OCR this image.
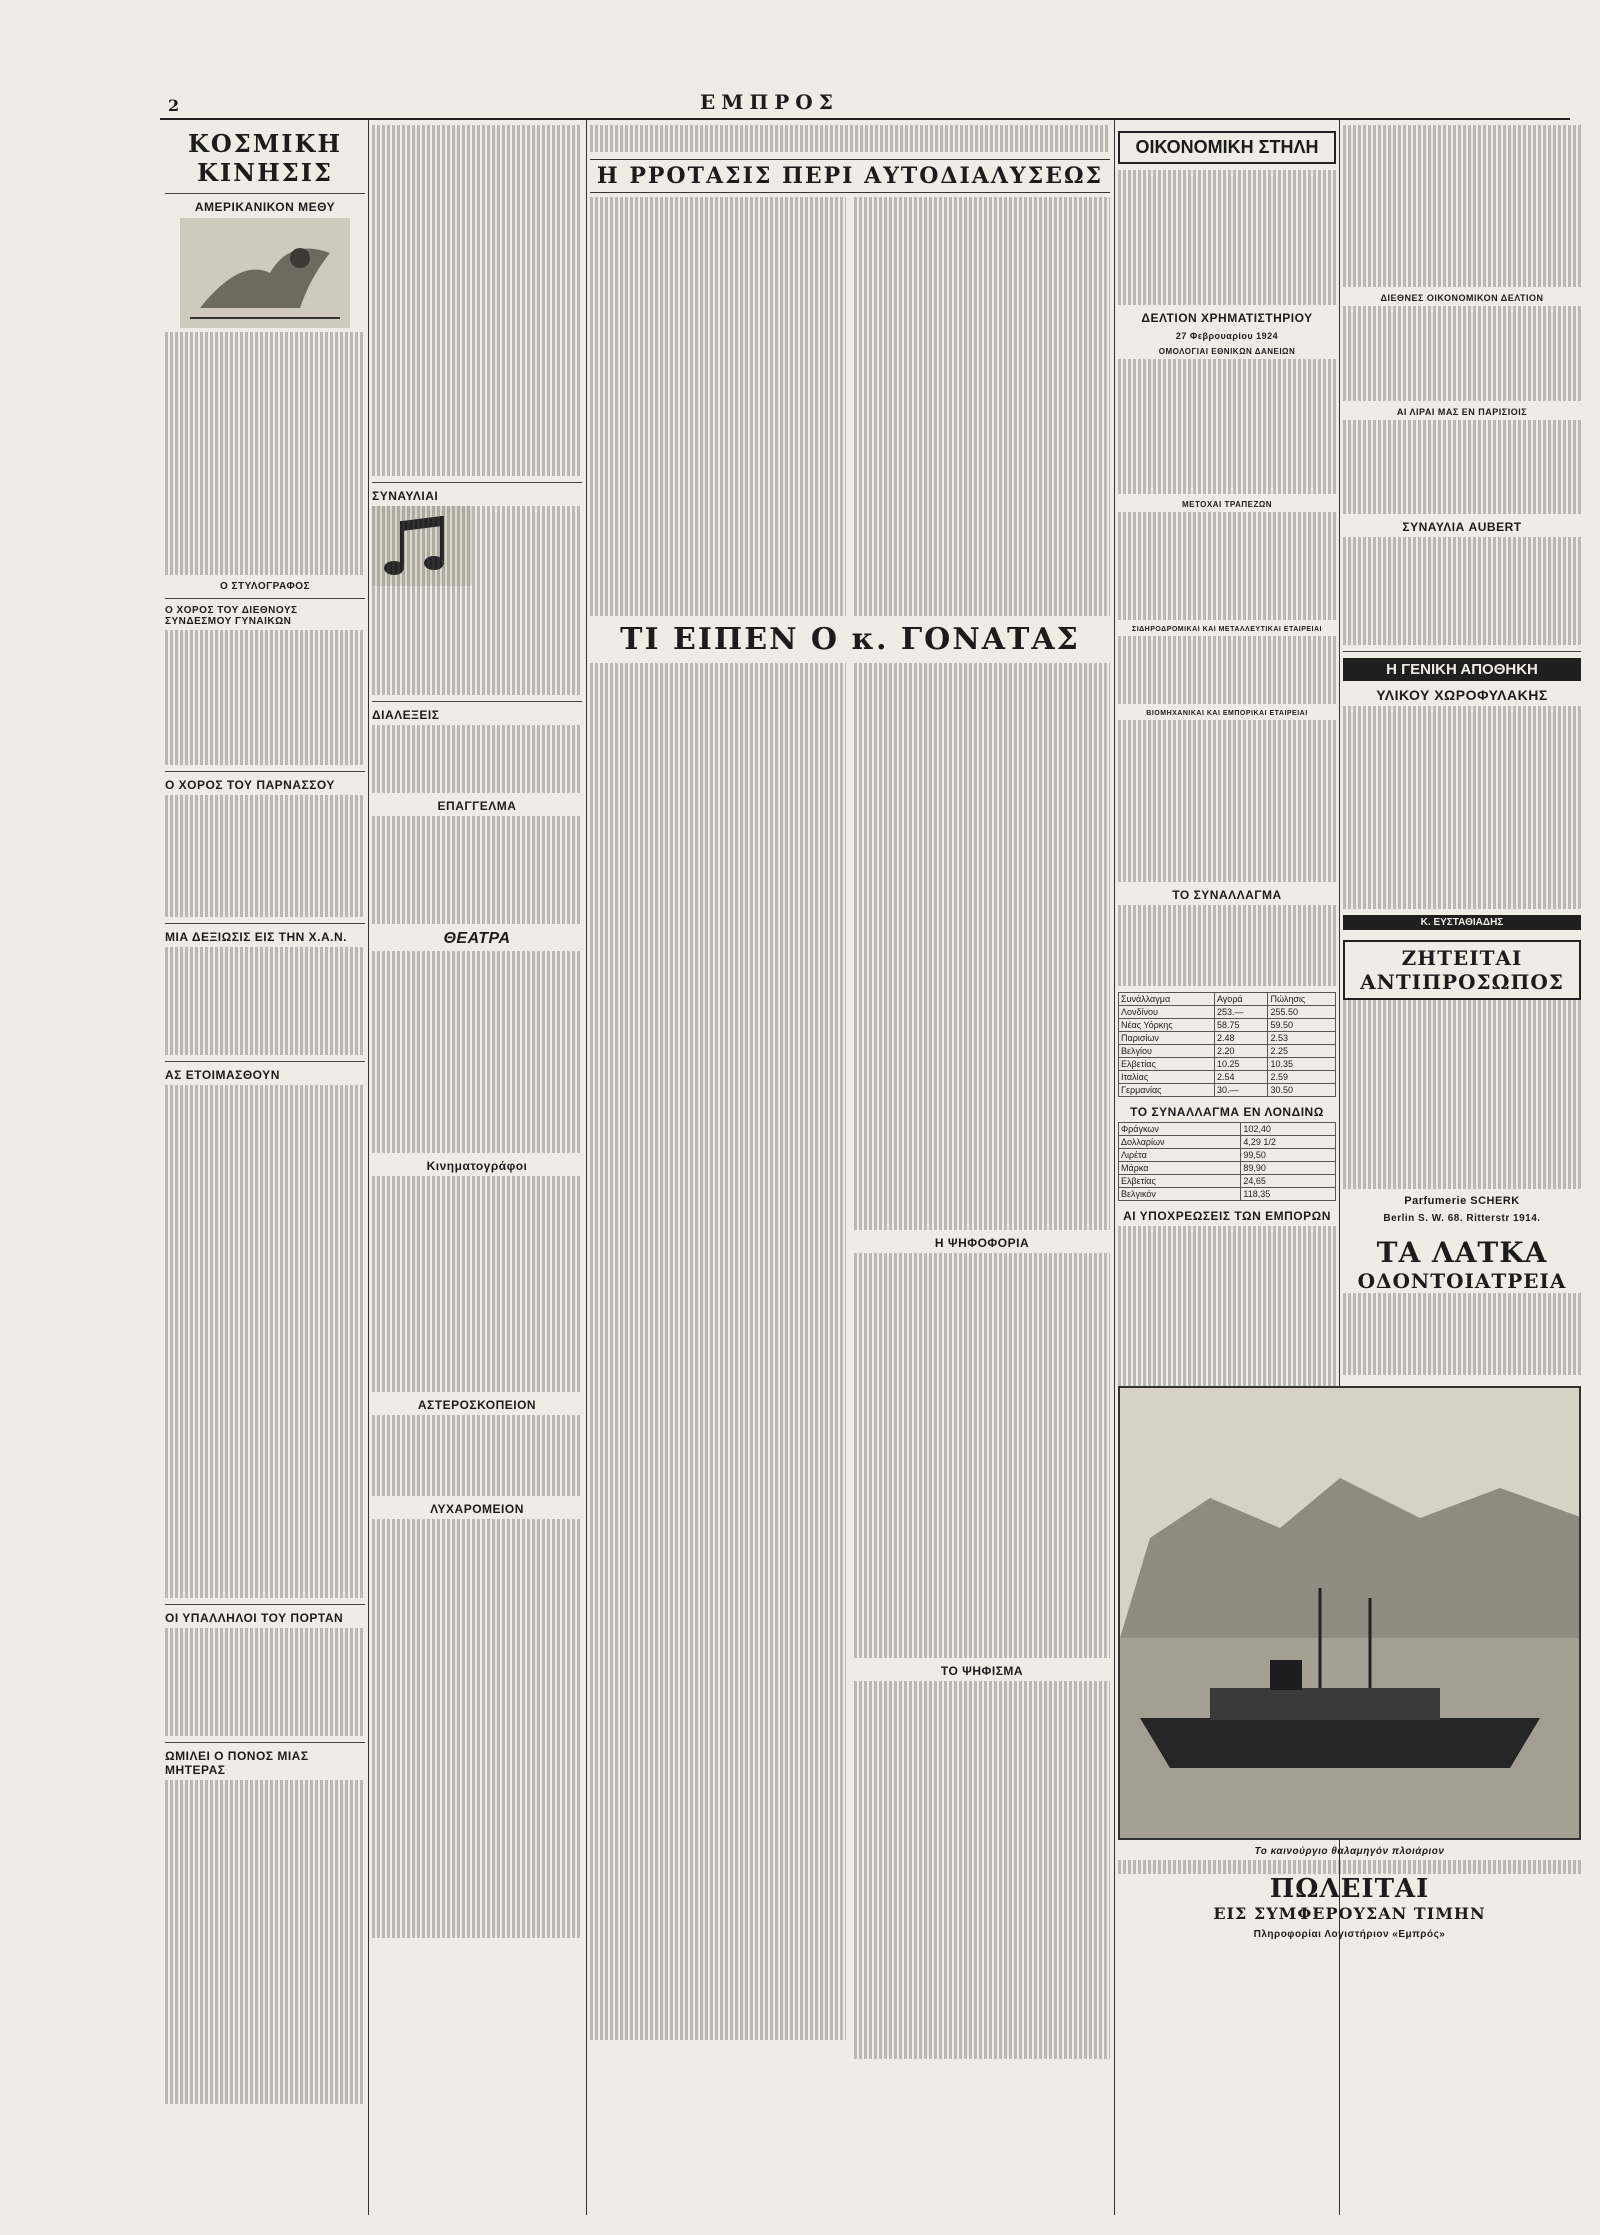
2	ΕΜΠΡΟΣ
ΚΟΣΜΙΚΗ ΚΙΝΗΣΙΣ
ΑΜΕΡΙΚΑΝΙΚΟΝ ΜΕΘΥ
Ο ΣΤΥΛΟΓΡΑΦΟΣ
Ο ΧΟΡΟΣ ΤΟΥ ΔΙΕΘΝΟΥΣ ΣΥΝΔΕΣΜΟΥ ΓΥΝΑΙΚΩΝ
Ο ΧΟΡΟΣ ΤΟΥ ΠΑΡΝΑΣΣΟΥ
ΜΙΑ ΔΕΞΙΩΣΙΣ ΕΙΣ ΤΗΝ Χ.Α.Ν.
ΑΣ ΕΤΟΙΜΑΣΘΟΥΝ
ΟΙ ΥΠΑΛΛΗΛΟΙ ΤΟΥ ΠΟΡΤΑΝ
ΩΜΙΛΕΙ Ο ΠΟΝΟΣ ΜΙΑΣ ΜΗΤΕΡΑΣ
ΣΥΝΑΥΛΙΑΙ
ΔΙΑΛΕΞΕΙΣ
ΕΠΑΓΓΕΛΜΑ
ΘΕΑΤΡΑ
Κινηματογράφοι
ΑΣΤΕΡΟΣΚΟΠΕΙΟΝ
ΛΥΧΑΡΟΜΕΙΟΝ
Η ΡΡΟΤΑΣΙΣ ΠΕΡΙ ΑΥΤΟΔΙΑΛΥΣΕΩΣ
ΤΙ ΕΙΠΕΝ Ο κ. ΓΟΝΑΤΑΣ
Η ΨΗΦΟΦΟΡΙΑ
ΤΟ ΨΗΦΙΣΜΑ
ΟΙΚΟΝΟΜΙΚΗ ΣΤΗΛΗ
ΔΕΛΤΙΟΝ ΧΡΗΜΑΤΙΣΤΗΡΙΟΥ
27 Φεβρουαρίου 1924
ΟΜΟΛΟΓΙΑΙ ΕΘΝΙΚΩΝ ΔΑΝΕΙΩΝ
ΜΕΤΟΧΑΙ ΤΡΑΠΕΖΩΝ
ΣΙΔΗΡΟΔΡΟΜΙΚΑΙ ΚΑΙ ΜΕΤΑΛΛΕΥΤΙΚΑΙ ΕΤΑΙΡΕΙΑΙ
ΒΙΟΜΗΧΑΝΙΚΑΙ ΚΑΙ ΕΜΠΟΡΙΚΑΙ ΕΤΑΙΡΕΙΑΙ
ΤΟ ΣΥΝΑΛΛΑΓΜΑ
Συνάλλαγμα	Αγορά	Πώλησις
Λονδίνου	253.—	255.50
Νέας Υόρκης	58.75	59.50
Παρισίων	2.48	2.53
Βελγίου	2.20	2.25
Ελβετίας	10.25	10.35
Ιταλίας	2.54	2.59
Γερμανίας	30.—	30.50
ΤΟ ΣΥΝΑΛΛΑΓΜΑ ΕΝ ΛΟΝΔΙΝΩ
Φράγκων	102,40
Δολλαρίων	4,29 1/2
Λιρέτα	99,50
Μάρκα	89,90
Ελβετίας	24,65
Βελγικόν	118,35
ΑΙ ΥΠΟΧΡΕΩΣΕΙΣ ΤΩΝ ΕΜΠΟΡΩΝ
ΔΙΕΘΝΕΣ ΟΙΚΟΝΟΜΙΚΟΝ ΔΕΛΤΙΟΝ
ΑΙ ΛΙΡΑΙ ΜΑΣ ΕΝ ΠΑΡΙΣΙΟΙΣ
ΣΥΝΑΥΛΙΑ AUBERT
Η ΓΕΝΙΚΗ ΑΠΟΘΗΚΗ
ΥΛΙΚΟΥ ΧΩΡΟΦΥΛΑΚΗΣ
Κ. ΕΥΣΤΑΘΙΑΔΗΣ
ΖΗΤΕΙΤΑΙ ΑΝΤΙΠΡΟΣΩΠΟΣ
Parfumerie SCHERK
Berlin S. W. 68. Ritterstr 1914.
ΤΑ ΛΑΤΚΑ
ΟΔΟΝΤΟΙΑΤΡΕΙΑ
Το καινούργιο θαλαμηγόν πλοιάριον
ΠΩΛΕΙΤΑΙ
ΕΙΣ ΣΥΜΦΕΡΟΥΣΑΝ ΤΙΜΗΝ
Πληροφορίαι Λογιστήριον «Εμπρός»
